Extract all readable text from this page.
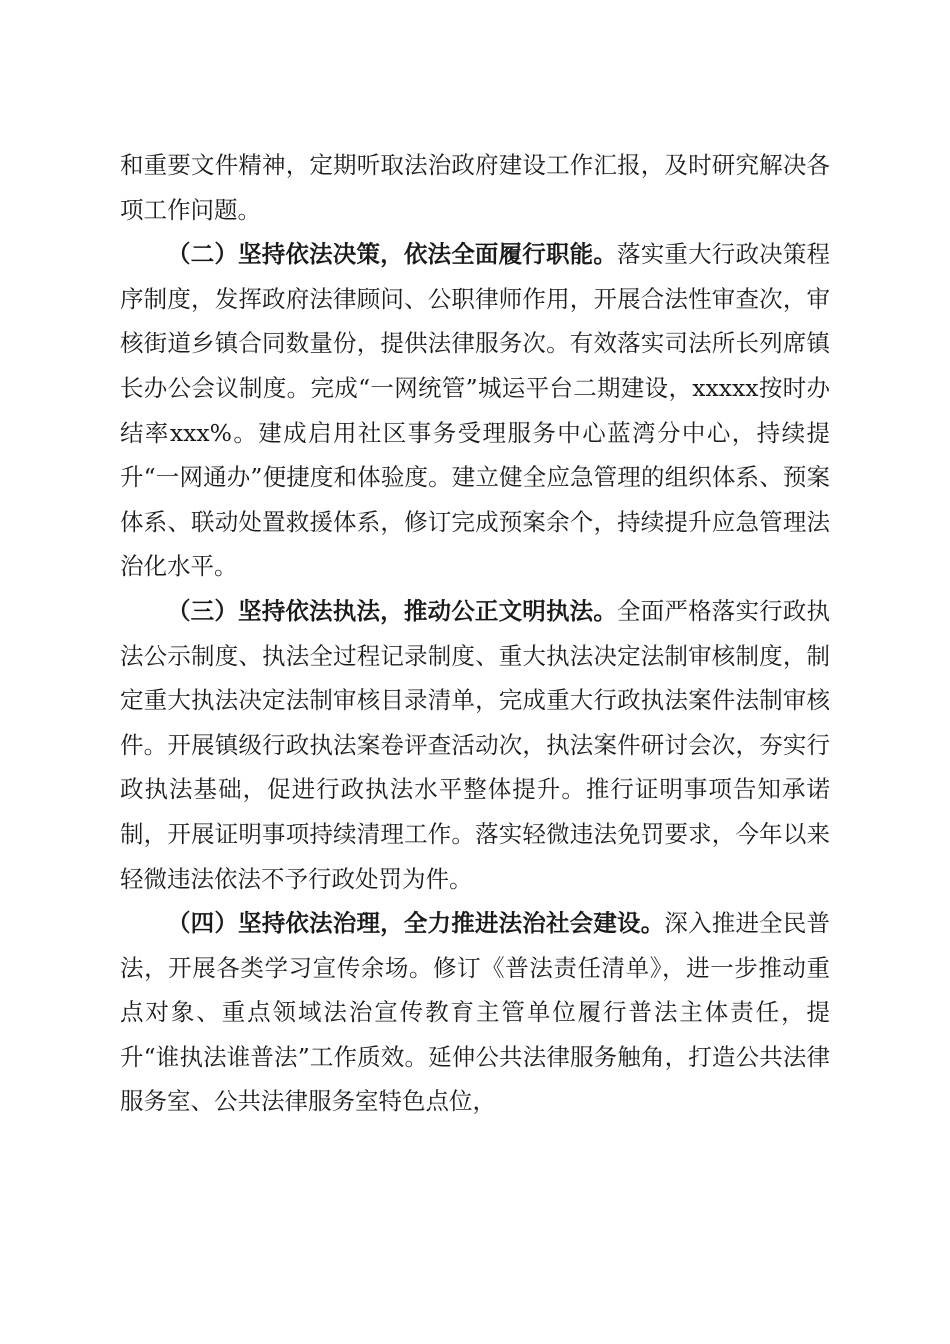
和重要文件精神，定期听取法治政府建设工作汇报，及时研究解决各项工作问题。

（二）坚持依法决策，依法全面履行职能。落实重大行政决策程序制度，发挥政府法律顾问、公职律师作用，开展合法性审查次，审核街道乡镇合同数量份，提供法律服务次。有效落实司法所长列席镇长办公会议制度。完成“一网统管”城运平台二期建设，xxxxx按时办结率xxx%。建成启用社区事务受理服务中心蓝湾分中心，持续提升“一网通办”便捷度和体验度。建立健全应急管理的组织体系、预案体系、联动处置救援体系，修订完成预案余个，持续提升应急管理法治化水平。

（三）坚持依法执法，推动公正文明执法。全面严格落实行政执法公示制度、执法全过程记录制度、重大执法决定法制审核制度，制定重大执法决定法制审核目录清单，完成重大行政执法案件法制审核件。开展镇级行政执法案卷评查活动次，执法案件研讨会次，夯实行政执法基础，促进行政执法水平整体提升。推行证明事项告知承诺制，开展证明事项持续清理工作。落实轻微违法免罚要求，今年以来轻微违法依法不予行政处罚为件。

（四）坚持依法治理，全力推进法治社会建设。深入推进全民普法，开展各类学习宣传余场。修订《普法责任清单》，进一步推动重点对象、重点领域法治宣传教育主管单位履行普法主体责任，提升“谁执法谁普法”工作质效。延伸公共法律服务触角，打造公共法律服务室、公共法律服务室特色点位，
